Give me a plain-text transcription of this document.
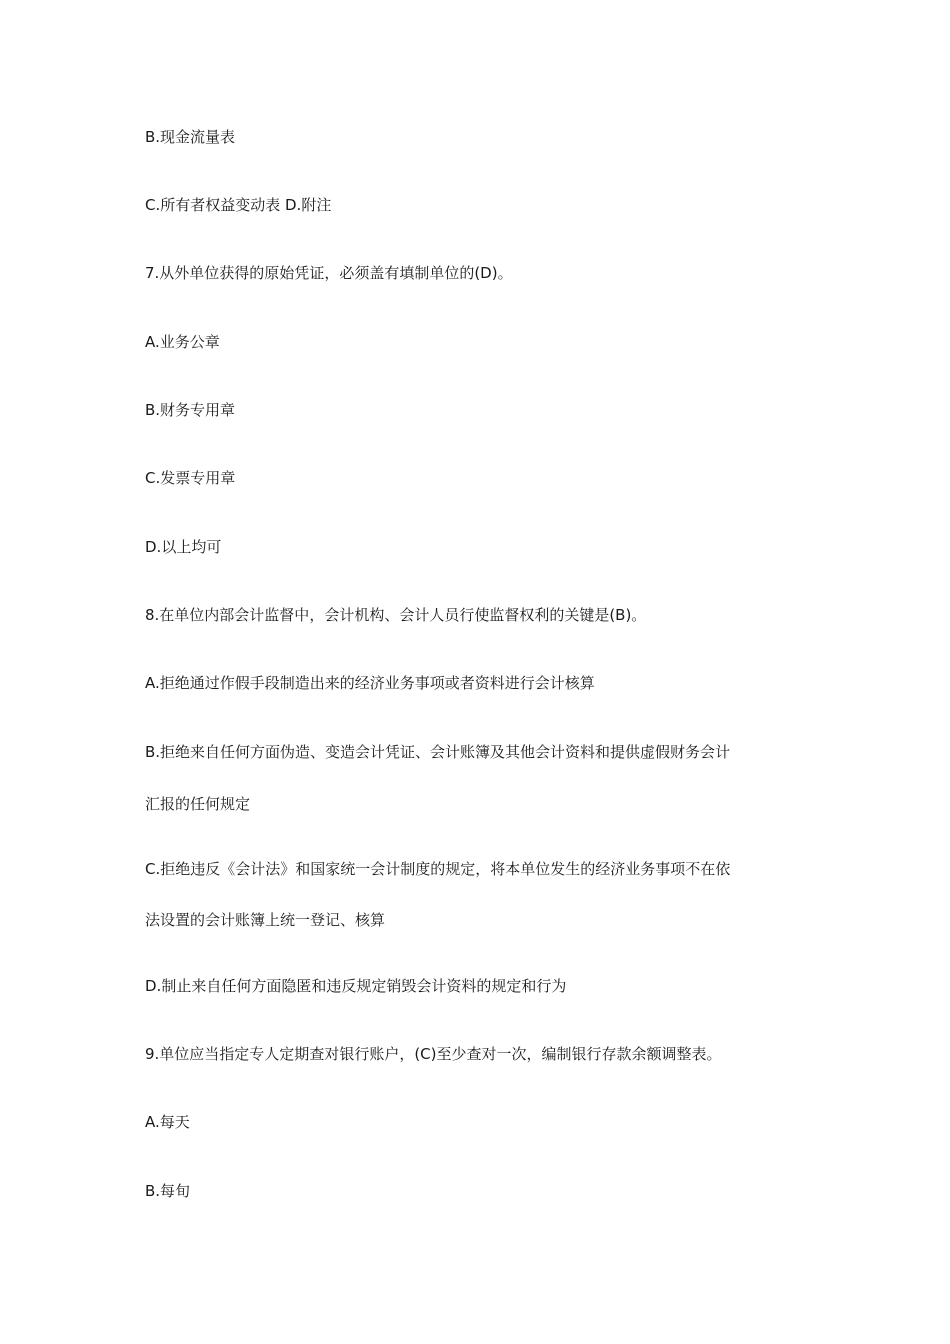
B.现金流量表
C.所有者权益变动表 D.附注
7.从外单位获得的原始凭证，必须盖有填制单位的(D)。
A.业务公章
B.财务专用章
C.发票专用章
D.以上均可
8.在单位内部会计监督中，会计机构、会计人员行使监督权利的关键是(B)。
A.拒绝通过作假手段制造出来的经济业务事项或者资料进行会计核算
B.拒绝来自任何方面伪造、变造会计凭证、会计账簿及其他会计资料和提供虚假财务会计
汇报的任何规定
C.拒绝违反《会计法》和国家统一会计制度的规定，将本单位发生的经济业务事项不在依
法设置的会计账簿上统一登记、核算
D.制止来自任何方面隐匿和违反规定销毁会计资料的规定和行为
9.单位应当指定专人定期查对银行账户，(C)至少查对一次，编制银行存款余额调整表。
A.每天
B.每旬
